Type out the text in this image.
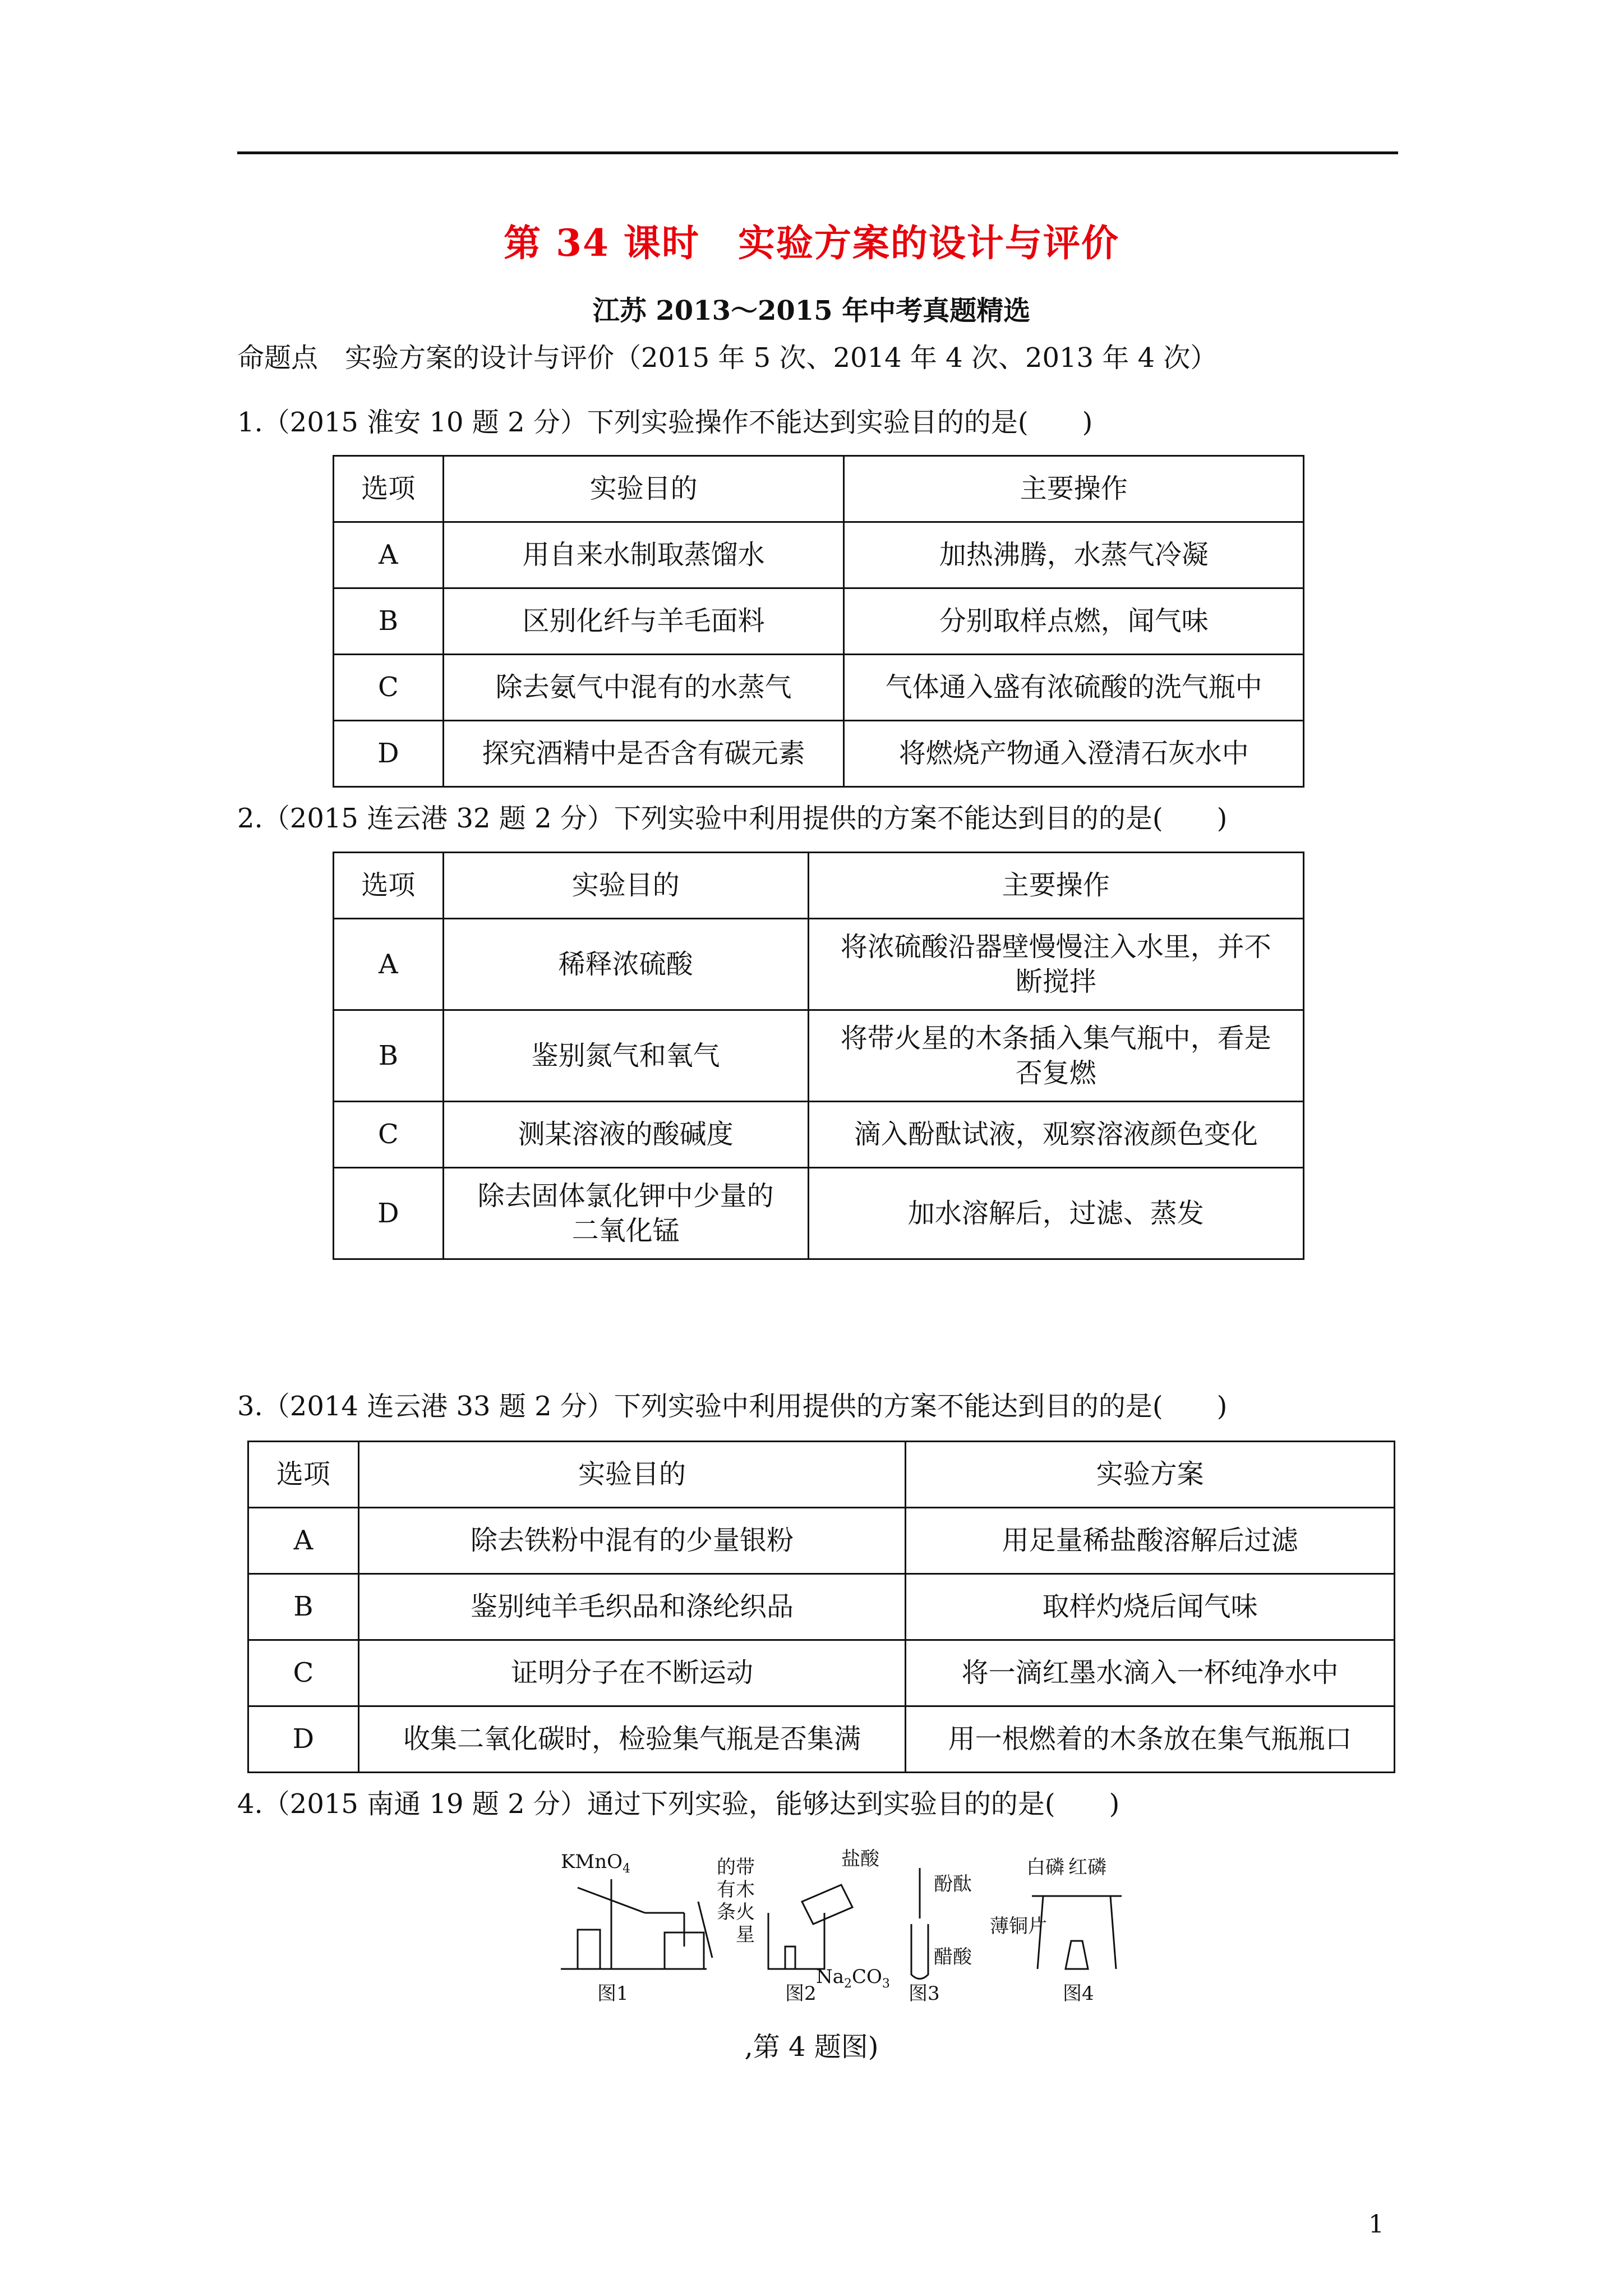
第 34 课时　实验方案的设计与评价
江苏 2013～2015 年中考真题精选
命题点　实验方案的设计与评价（2015 年 5 次、2014 年 4 次、2013 年 4 次）
1.（2015 淮安 10 题 2 分）下列实验操作不能达到实验目的的是(　　)
选项	实验目的	主要操作
A	用自来水制取蒸馏水	加热沸腾，水蒸气冷凝
B	区别化纤与羊毛面料	分别取样点燃，闻气味
C	除去氨气中混有的水蒸气	气体通入盛有浓硫酸的洗气瓶中
D	探究酒精中是否含有碳元素	将燃烧产物通入澄清石灰水中
2.（2015 连云港 32 题 2 分）下列实验中利用提供的方案不能达到目的的是(　　)
选项	实验目的	主要操作
A	稀释浓硫酸	将浓硫酸沿器壁慢慢注入水里，并不
断搅拌

B	鉴别氮气和氧气	将带火星的木条插入集气瓶中，看是
否复燃

C	测某溶液的酸碱度	滴入酚酞试液，观察溶液颜色变化
D	除去固体氯化钾中少量的
二氧化锰	加水溶解后，过滤、蒸发
3.（2014 连云港 33 题 2 分）下列实验中利用提供的方案不能达到目的的是(　　)
选项	实验目的	实验方案
A	除去铁粉中混有的少量银粉	用足量稀盐酸溶解后过滤
B	鉴别纯羊毛织品和涤纶织品	取样灼烧后闻气味
C	证明分子在不断运动	将一滴红墨水滴入一杯纯净水中
D	收集二氧化碳时，检验集气瓶是否集满	用一根燃着的木条放在集气瓶瓶口
4.（2015 南通 19 题 2 分）通过下列实验，能够达到实验目的的是(　　)
KMnO$_4$	的 带
有 木
火
条
星
图1
盐酸
$Na_2CO_3$
图2
酚酞
醋酸
图3
白磷 红磷
薄铜片
图4
,第 4 题图)
1
